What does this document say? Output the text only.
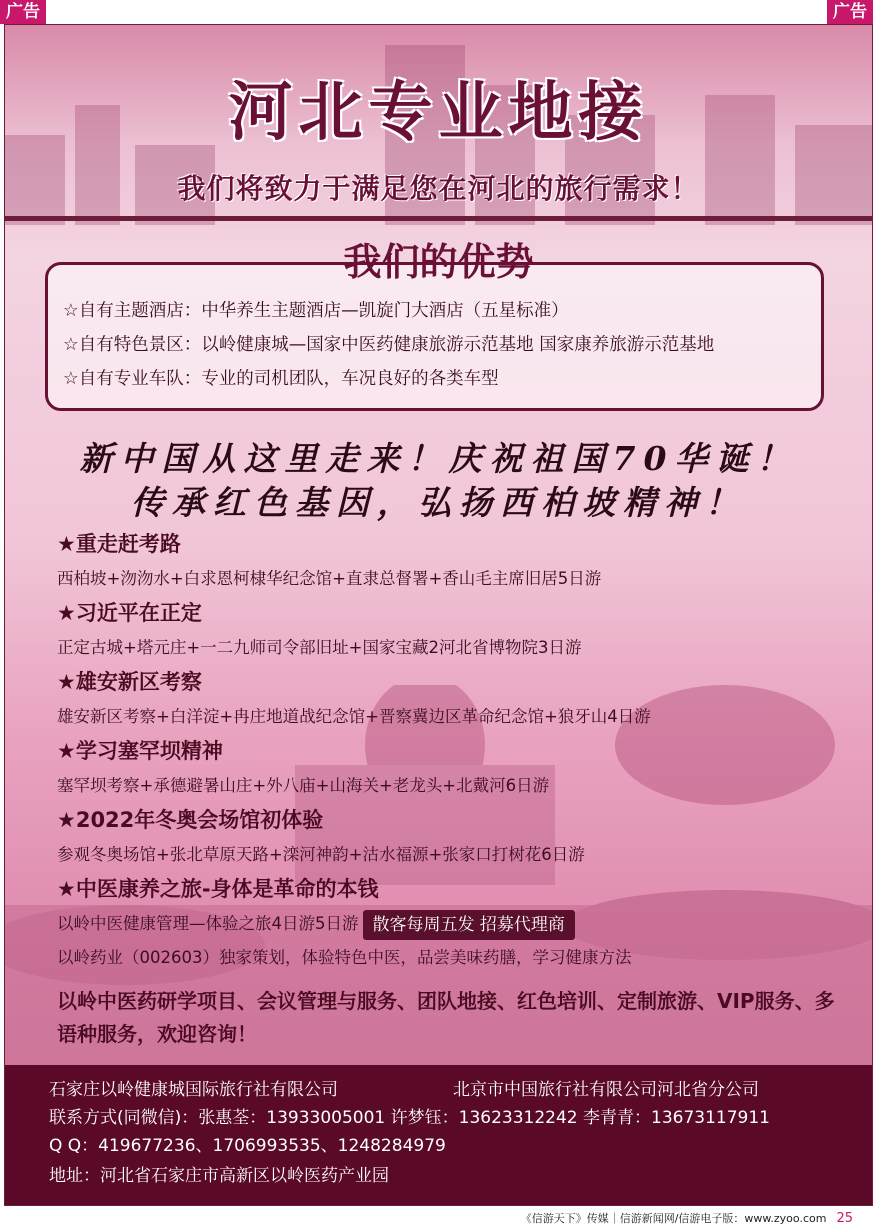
广告	广告
河北专业地接
我们将致力于满足您在河北的旅行需求！
我们的优势
☆自有主题酒店：中华养生主题酒店—凯旋门大酒店（五星标准）
☆自有特色景区：以岭健康城—国家中医药健康旅游示范基地 国家康养旅游示范基地
☆自有专业车队：专业的司机团队，车况良好的各类车型
新中国从这里走来！庆祝祖国70华诞！
传承红色基因，弘扬西柏坡精神！
★重走赶考路
西柏坡+沕沕水+白求恩柯棣华纪念馆+直隶总督署+香山毛主席旧居5日游
★习近平在正定
正定古城+塔元庄+一二九师司令部旧址+国家宝藏2河北省博物院3日游
★雄安新区考察
雄安新区考察+白洋淀+冉庄地道战纪念馆+晋察冀边区革命纪念馆+狼牙山4日游
★学习塞罕坝精神
塞罕坝考察+承德避暑山庄+外八庙+山海关+老龙头+北戴河6日游
★2022年冬奥会场馆初体验
参观冬奥场馆+张北草原天路+滦河神韵+沽水福源+张家口打树花6日游
★中医康养之旅-身体是革命的本钱
以岭中医健康管理—体验之旅4日游5日游 散客每周五发 招募代理商
以岭药业（002603）独家策划，体验特色中医，品尝美味药膳，学习健康方法
以岭中医药研学项目、会议管理与服务、团队地接、红色培训、定制旅游、VIP服务、多语种服务，欢迎咨询！
石家庄以岭健康城国际旅行社有限公司	北京市中国旅行社有限公司河北省分公司
联系方式(同微信)：张惠荃：13933005001 许梦钰：13623312242 李青青：13673117911
Q Q：419677236、1706993535、1248284979
地址：河北省石家庄市高新区以岭医药产业园
《信游天下》传媒｜信游新闻网/信游电子版：www.zyoo.com 25
